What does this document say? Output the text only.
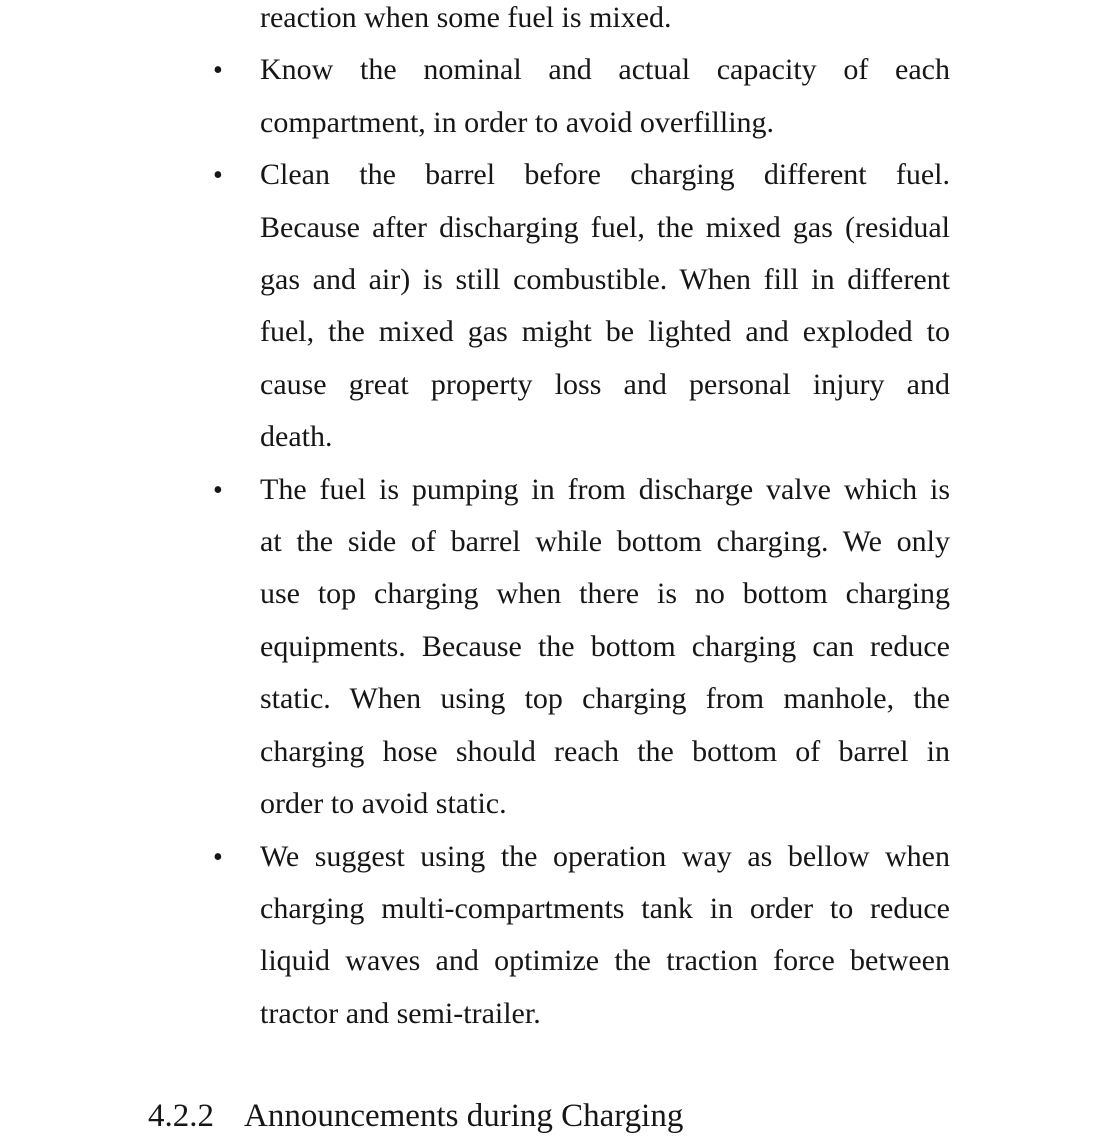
reaction when some fuel is mixed.
• Know the nominal and actual capacity of each
compartment, in order to avoid overfilling.
• Clean the barrel before charging different fuel.
Because after discharging fuel, the mixed gas (residual
gas and air) is still combustible. When fill in different
fuel, the mixed gas might be lighted and exploded to
cause great property loss and personal injury and
death.
• The fuel is pumping in from discharge valve which is
at the side of barrel while bottom charging. We only
use top charging when there is no bottom charging
equipments. Because the bottom charging can reduce
static. When using top charging from manhole, the
charging hose should reach the bottom of barrel in
order to avoid static.
• We suggest using the operation way as bellow when
charging multi-compartments tank in order to reduce
liquid waves and optimize the traction force between
tractor and semi-trailer.
4.2.2 Announcements during Charging
